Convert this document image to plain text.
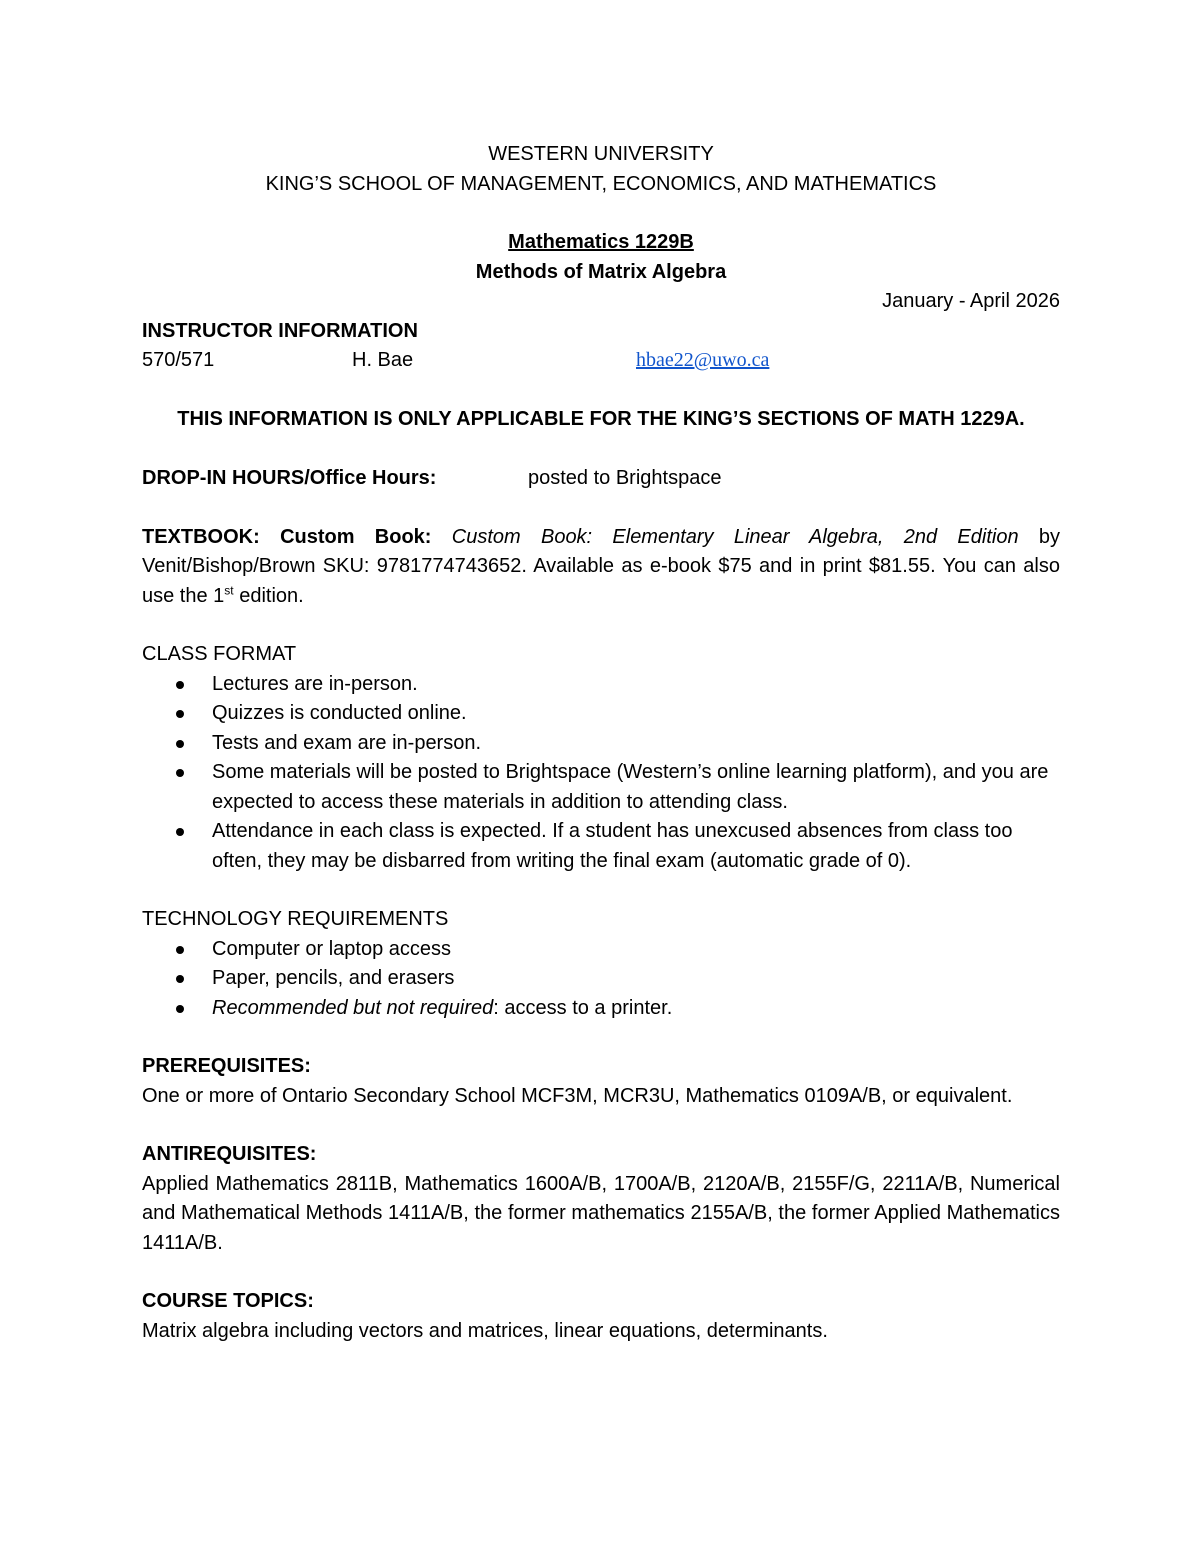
WESTERN UNIVERSITY
KING’S SCHOOL OF MANAGEMENT, ECONOMICS, AND MATHEMATICS
Mathematics 1229B
Methods of Matrix Algebra
January - April 2026
INSTRUCTOR INFORMATION
570/571	H. Bae	hbae22@uwo.ca
THIS INFORMATION IS ONLY APPLICABLE FOR THE KING’S SECTIONS OF MATH 1229A.
DROP-IN HOURS/Office Hours:	posted to Brightspace
TEXTBOOK: Custom Book: Custom Book: Elementary Linear Algebra, 2nd Edition by Venit/Bishop/Brown SKU: 9781774743652. Available as e-book $75 and in print $81.55. You can also use the 1st edition.
CLASS FORMAT
Lectures are in-person.
Quizzes is conducted online.
Tests and exam are in-person.
Some materials will be posted to Brightspace (Western’s online learning platform), and you are expected to access these materials in addition to attending class.
Attendance in each class is expected. If a student has unexcused absences from class too often, they may be disbarred from writing the final exam (automatic grade of 0).
TECHNOLOGY REQUIREMENTS
Computer or laptop access
Paper, pencils, and erasers
Recommended but not required: access to a printer.
PREREQUISITES:
One or more of Ontario Secondary School MCF3M, MCR3U, Mathematics 0109A/B, or equivalent.
ANTIREQUISITES:
Applied Mathematics 2811B, Mathematics 1600A/B, 1700A/B, 2120A/B, 2155F/G, 2211A/B, Numerical and Mathematical Methods 1411A/B, the former mathematics 2155A/B, the former Applied Mathematics 1411A/B.
COURSE TOPICS:
Matrix algebra including vectors and matrices, linear equations, determinants.
